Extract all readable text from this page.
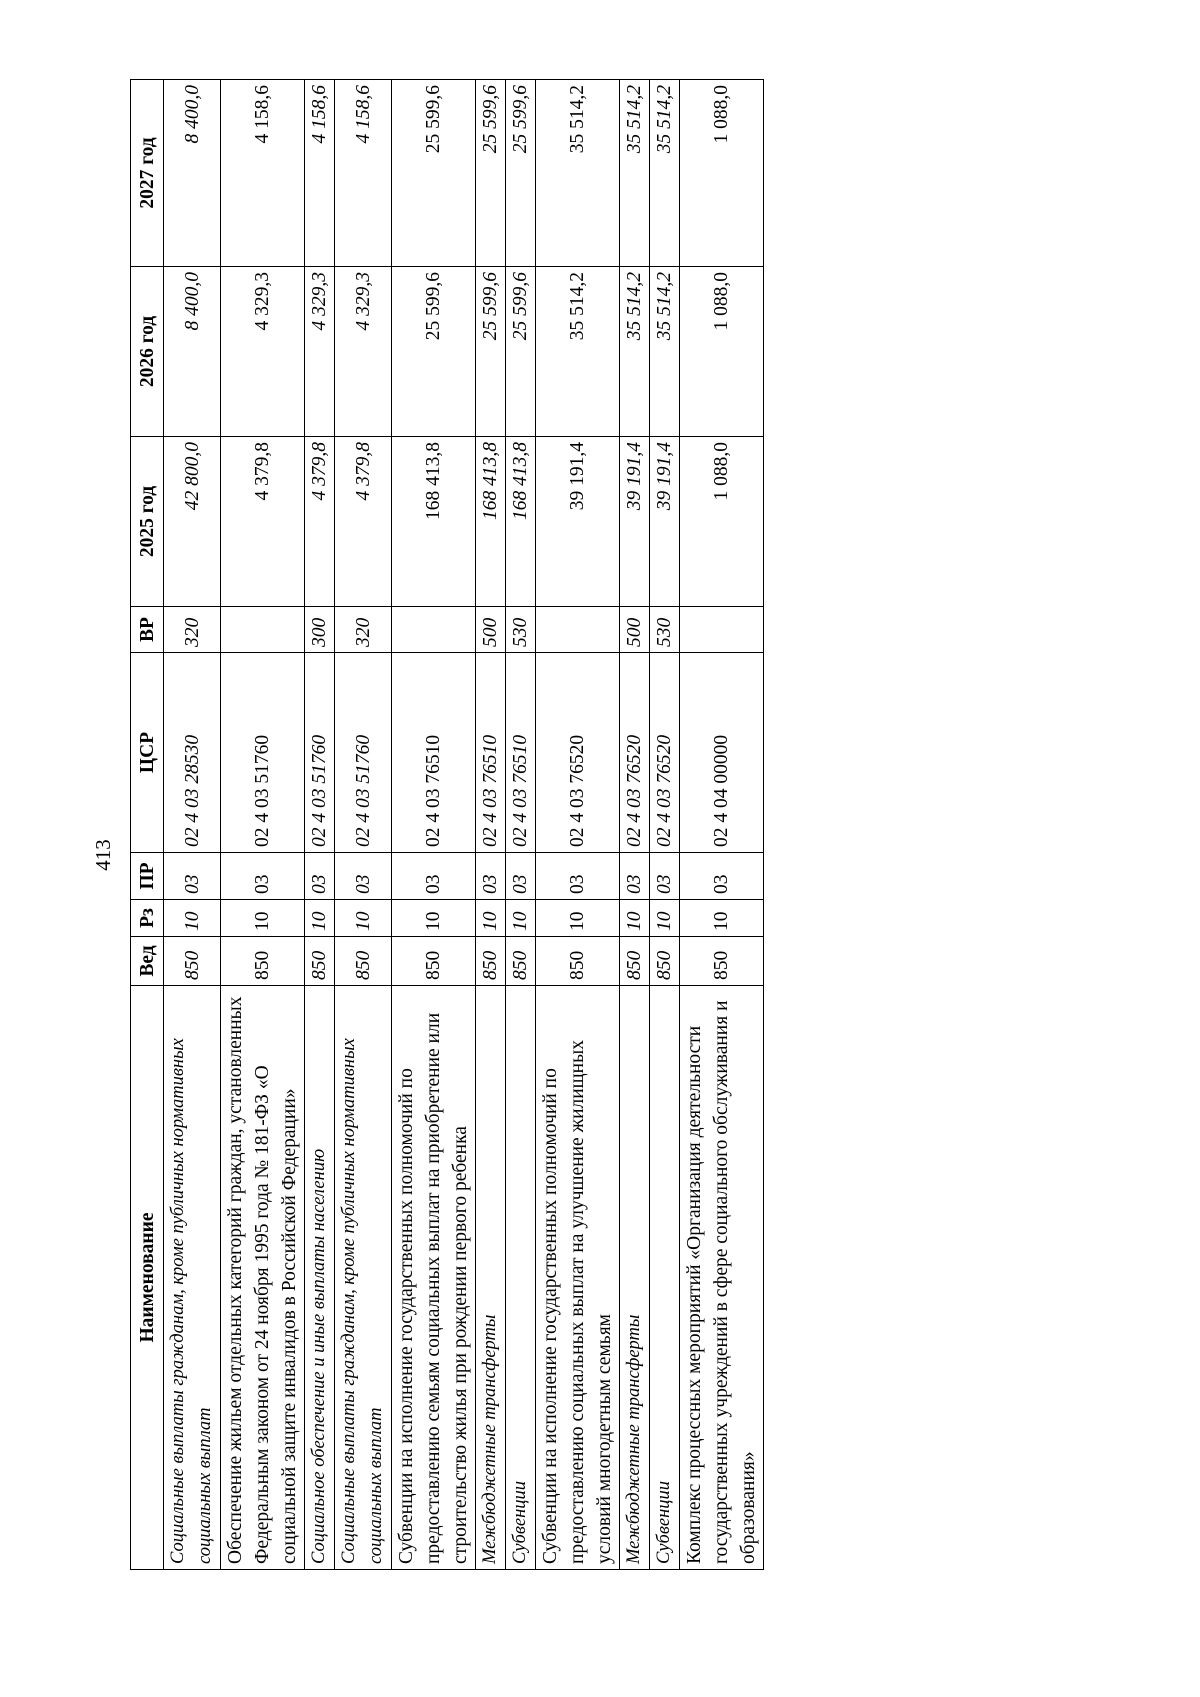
413
Наименование	Вед	Рз	ПР	ЦСР	ВР	2025 год	2026 год	2027 год
Социальные выплаты гражданам, кроме публичных нормативных социальных выплат	850	10	03	02 4 03 28530	320	42 800,0	8 400,0	8 400,0
Обеспечение жильем отдельных категорий граждан, установленных Федеральным законом от 24 ноября 1995 года № 181-ФЗ «О социальной защите инвалидов в Российской Федерации»	850	10	03	02 4 03 51760		4 379,8	4 329,3	4 158,6
Социальное обеспечение и иные выплаты населению	850	10	03	02 4 03 51760	300	4 379,8	4 329,3	4 158,6
Социальные выплаты гражданам, кроме публичных нормативных социальных выплат	850	10	03	02 4 03 51760	320	4 379,8	4 329,3	4 158,6
Субвенции на исполнение государственных полномочий по предоставлению семьям социальных выплат на приобретение или строительство жилья при рождении первого ребенка	850	10	03	02 4 03 76510		168 413,8	25 599,6	25 599,6
Межбюджетные трансферты	850	10	03	02 4 03 76510	500	168 413,8	25 599,6	25 599,6
Субвенции	850	10	03	02 4 03 76510	530	168 413,8	25 599,6	25 599,6
Субвенции на исполнение государственных полномочий по предоставлению социальных выплат на улучшение жилищных условий многодетным семьям	850	10	03	02 4 03 76520		39 191,4	35 514,2	35 514,2
Межбюджетные трансферты	850	10	03	02 4 03 76520	500	39 191,4	35 514,2	35 514,2
Субвенции	850	10	03	02 4 03 76520	530	39 191,4	35 514,2	35 514,2
Комплекс процессных мероприятий «Организация деятельности государственных учреждений в сфере социального обслуживания и образования»	850	10	03	02 4 04 00000		1 088,0	1 088,0	1 088,0
